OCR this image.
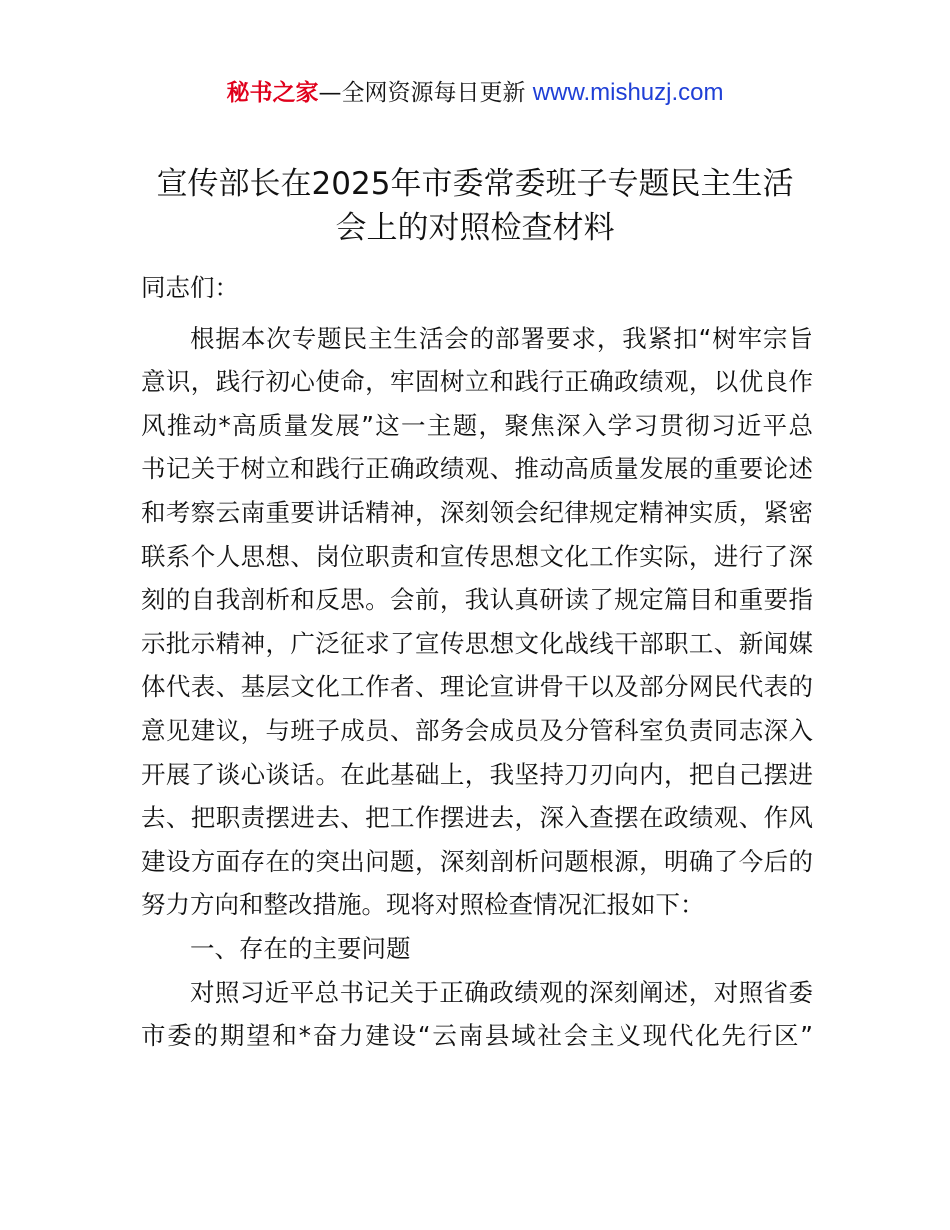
秘书之家—全网资源每日更新 www.mishuzj.com
宣传部长在2025年市委常委班子专题民主生活
会上的对照检查材料
同志们：
根据本次专题民主生活会的部署要求，我紧扣“树牢宗旨
意识，践行初心使命，牢固树立和践行正确政绩观，以优良作
风推动*高质量发展”这一主题，聚焦深入学习贯彻习近平总
书记关于树立和践行正确政绩观、推动高质量发展的重要论述
和考察云南重要讲话精神，深刻领会纪律规定精神实质，紧密
联系个人思想、岗位职责和宣传思想文化工作实际，进行了深
刻的自我剖析和反思。会前，我认真研读了规定篇目和重要指
示批示精神，广泛征求了宣传思想文化战线干部职工、新闻媒
体代表、基层文化工作者、理论宣讲骨干以及部分网民代表的
意见建议，与班子成员、部务会成员及分管科室负责同志深入
开展了谈心谈话。在此基础上，我坚持刀刃向内，把自己摆进
去、把职责摆进去、把工作摆进去，深入查摆在政绩观、作风
建设方面存在的突出问题，深刻剖析问题根源，明确了今后的
努力方向和整改措施。现将对照检查情况汇报如下：
一、存在的主要问题
对照习近平总书记关于正确政绩观的深刻阐述，对照省委
市委的期望和*奋力建设“云南县域社会主义现代化先行区”
